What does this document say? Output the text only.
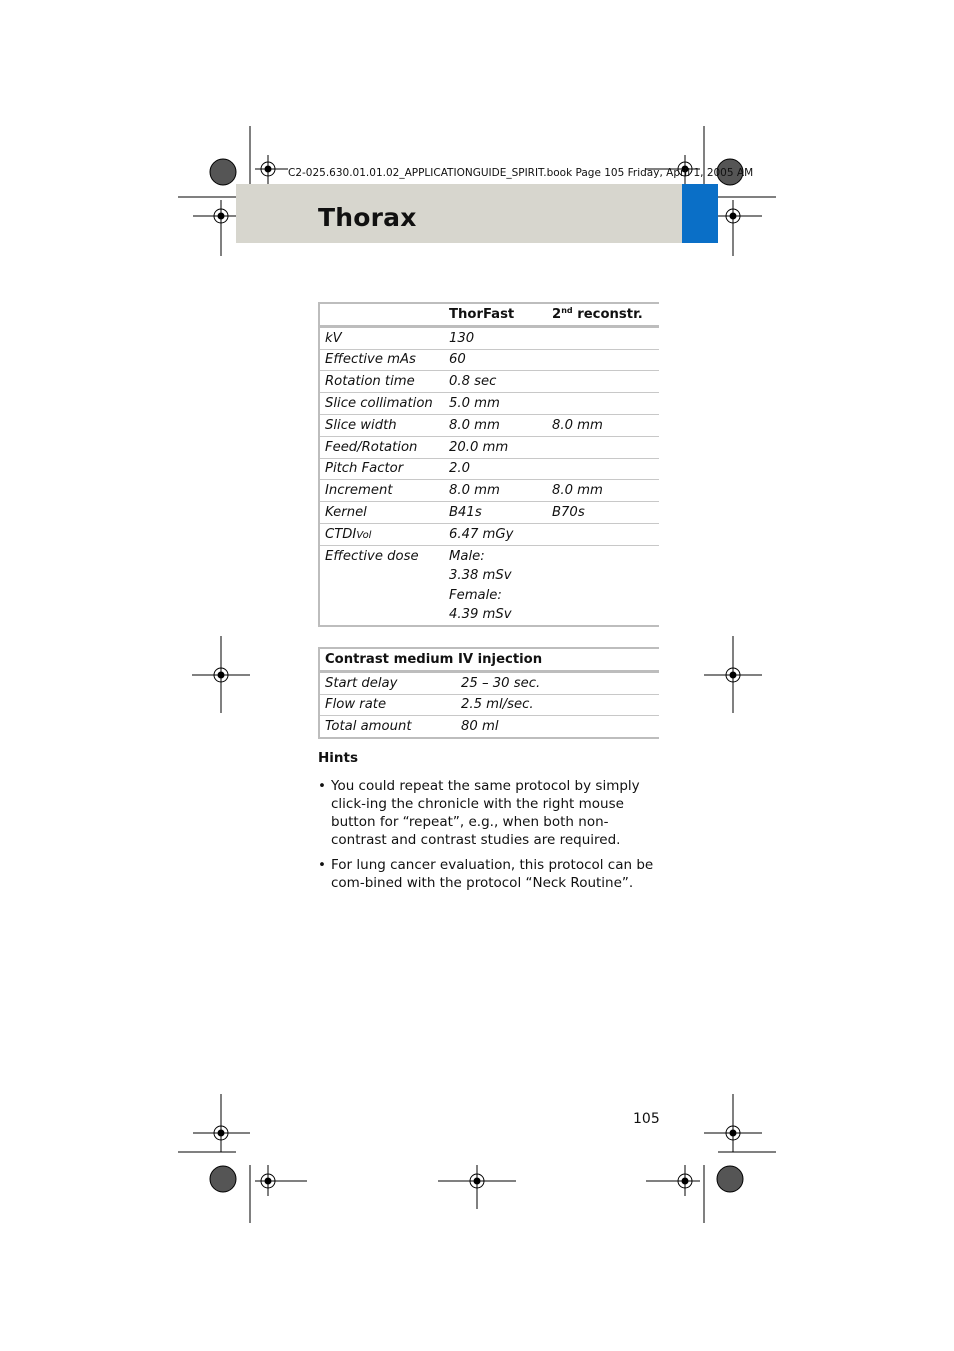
C2-025.630.01.01.02_APPLICATIONGUIDE_SPIRIT.book Page 105 Friday, April 1, 2005 AM
Thorax
	ThorFast	2nd reconstr.
kV	130	
Effective mAs	60	
Rotation time	0.8 sec	
Slice collimation	5.0 mm	
Slice width	8.0 mm	8.0 mm
Feed/Rotation	20.0 mm	
Pitch Factor	2.0	
Increment	8.0 mm	8.0 mm
Kernel	B41s	B70s
CTDIVol	6.47 mGy	
Effective dose	Male:
3.38 mSv
Female:
4.39 mSv	

Contrast medium IV injection	
Start delay	25 – 30 sec.
Flow rate	2.5 ml/sec.
Total amount	80 ml
Hints
• You could repeat the same protocol by simply click-ing the chronicle with the right mouse button for “repeat”, e.g., when both non-contrast and contrast studies are required.
• For lung cancer evaluation, this protocol can be com-bined with the protocol “Neck Routine”.
105
